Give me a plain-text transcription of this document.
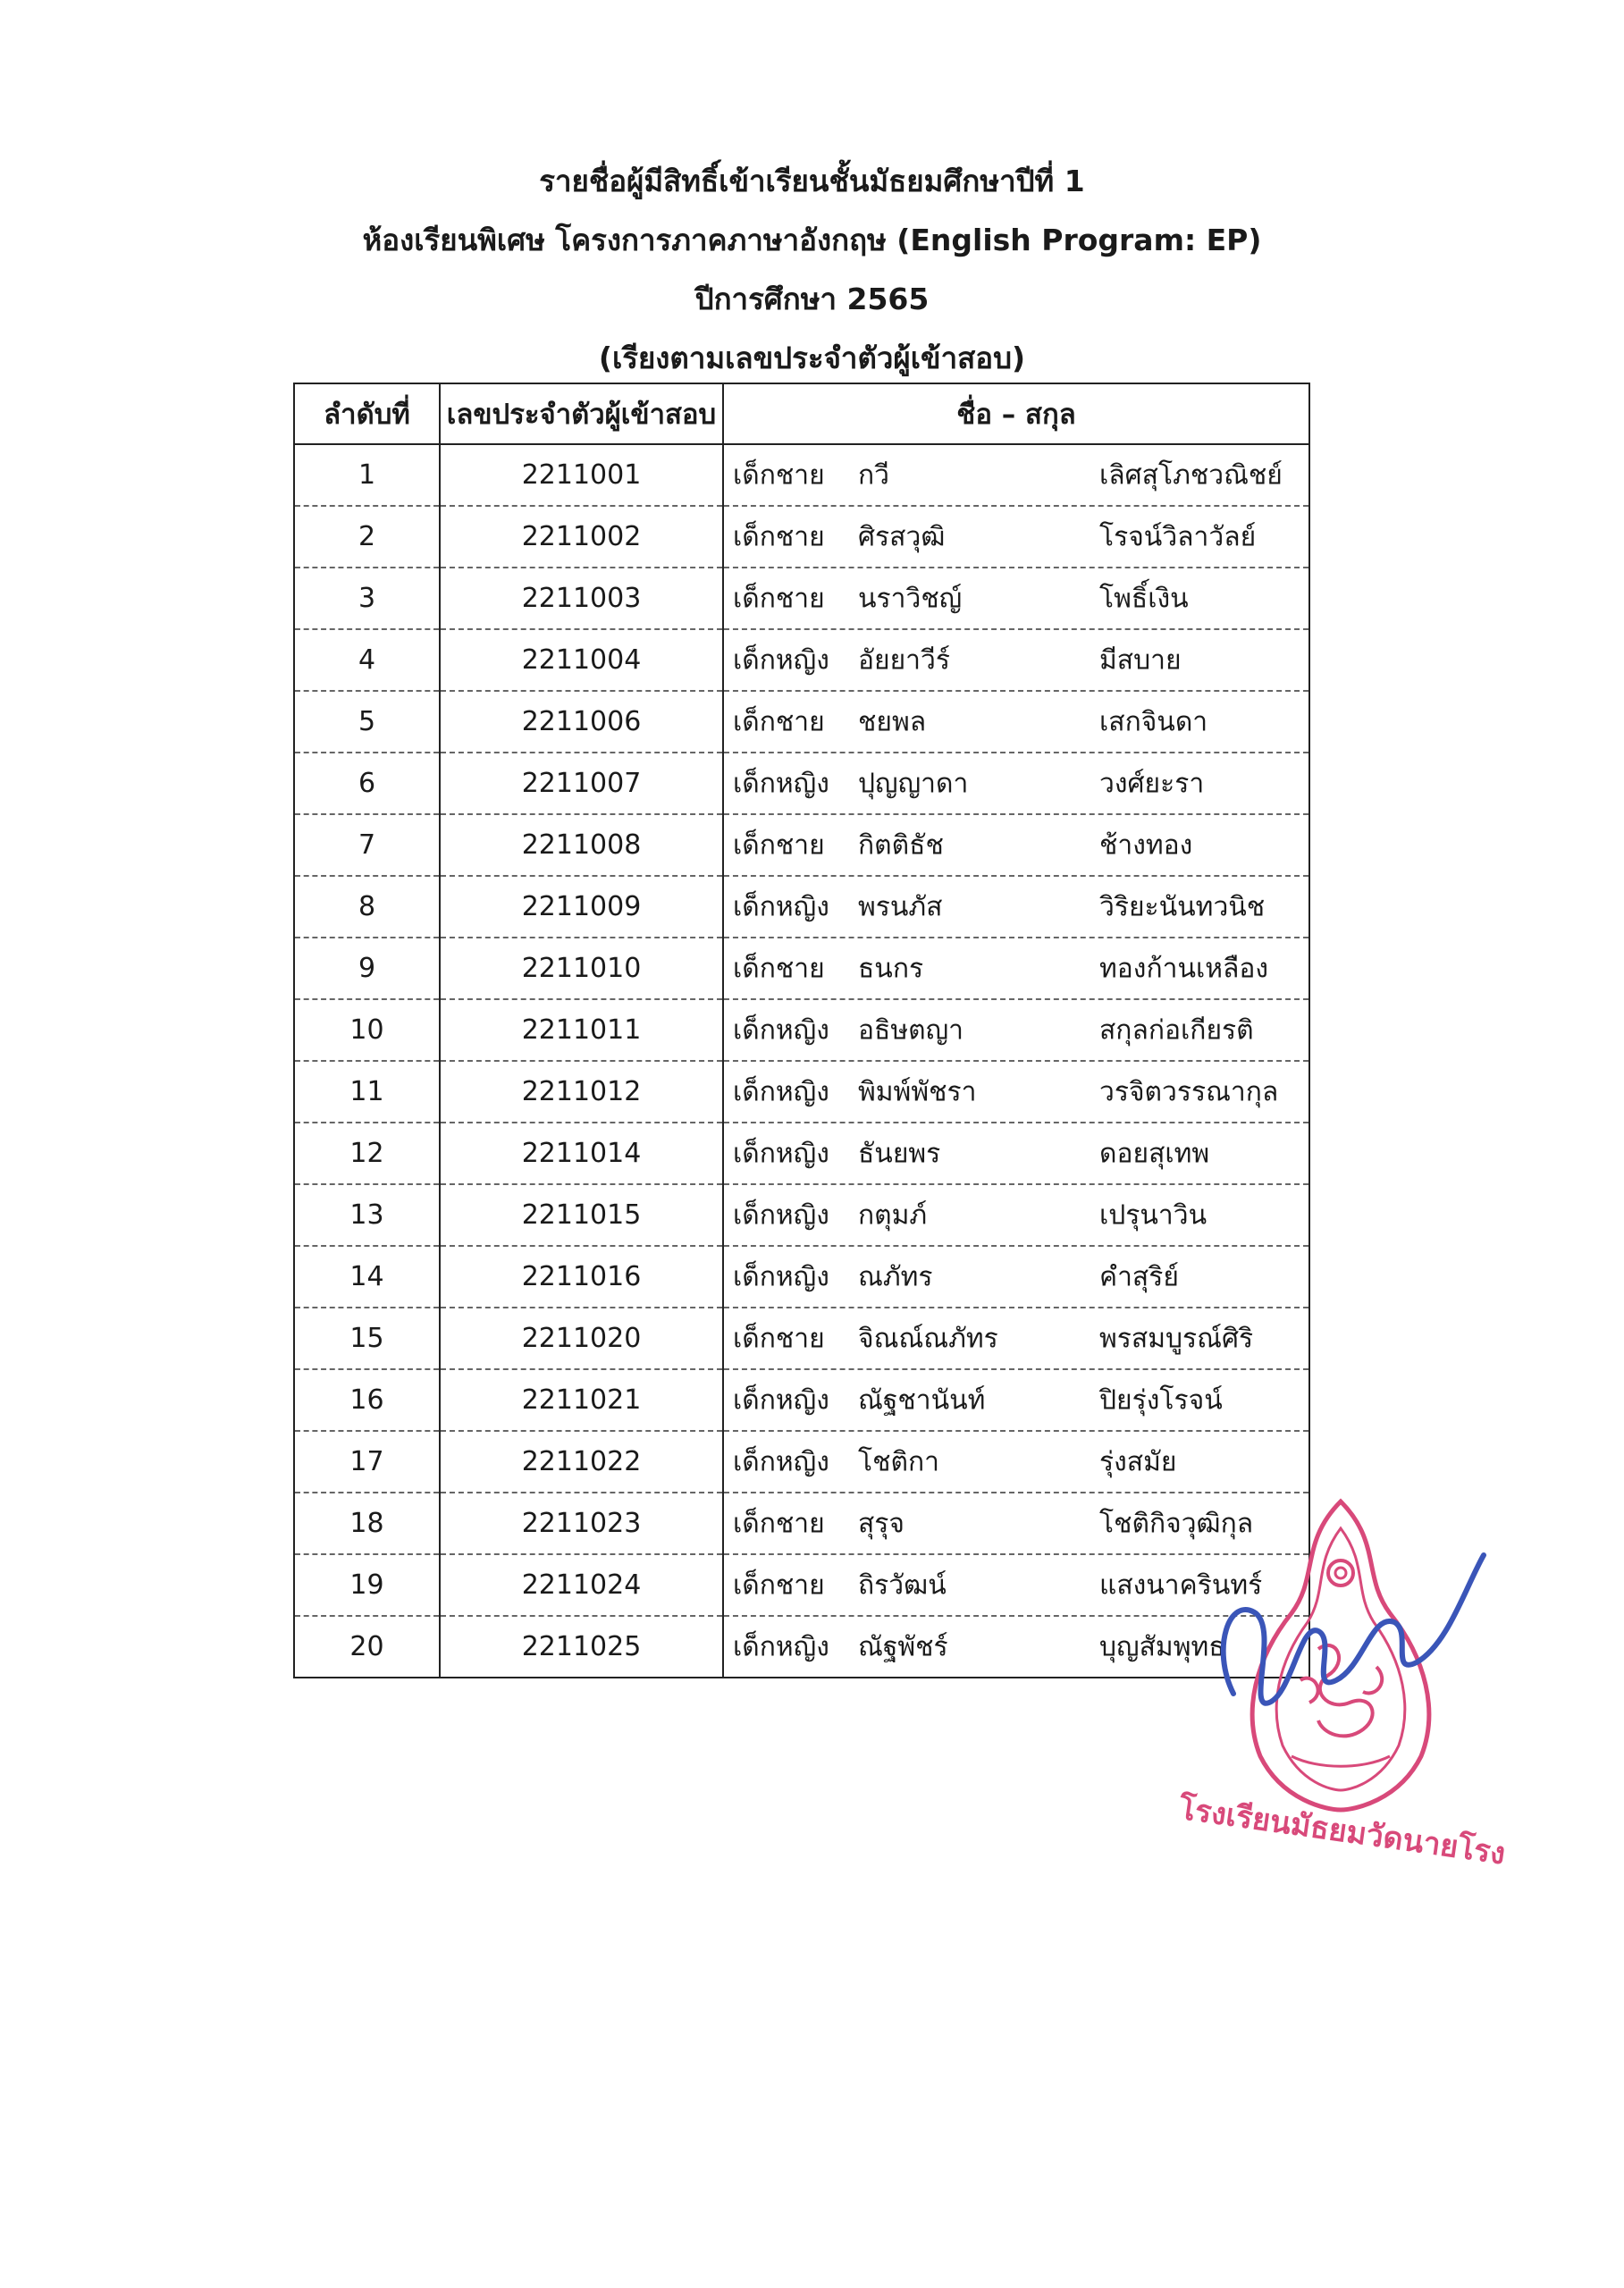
รายชื่อผู้มีสิทธิ์เข้าเรียนชั้นมัธยมศึกษาปีที่ 1
ห้องเรียนพิเศษ โครงการภาคภาษาอังกฤษ (English Program: EP)
ปีการศึกษา 2565
(เรียงตามเลขประจำตัวผู้เข้าสอบ)
ลำดับที่	เลขประจำตัวผู้เข้าสอบ	ชื่อ – สกุล
1	2211001	เด็กชาย กวี เลิศสุโภชวณิชย์

2	2211002	เด็กชาย ศิรสวุฒิ โรจน์วิลาวัลย์

3	2211003	เด็กชาย นราวิชญ์ โพธิ์เงิน

4	2211004	เด็กหญิง อัยยาวีร์ มีสบาย

5	2211006	เด็กชาย ชยพล เสกจินดา

6	2211007	เด็กหญิง ปุญญาดา วงศ์ยะรา

7	2211008	เด็กชาย กิตติธัช ช้างทอง

8	2211009	เด็กหญิง พรนภัส วิริยะนันทวนิช

9	2211010	เด็กชาย ธนกร ทองก้านเหลือง

10	2211011	เด็กหญิง อธิษตญา สกุลก่อเกียรติ

11	2211012	เด็กหญิง พิมพ์พัชรา วรจิตวรรณากุล

12	2211014	เด็กหญิง ธันยพร ดอยสุเทพ

13	2211015	เด็กหญิง กตุมภ์ เปรุนาวิน

14	2211016	เด็กหญิง ณภัทร คำสุริย์

15	2211020	เด็กชาย จิณณ์ณภัทร พรสมบูรณ์ศิริ

16	2211021	เด็กหญิง ณัฐชานันท์ ปิยรุ่งโรจน์

17	2211022	เด็กหญิง โชติกา รุ่งสมัย

18	2211023	เด็กชาย สุรุจ โชติกิจวุฒิกุล

19	2211024	เด็กชาย ถิรวัฒน์ แสงนาครินทร์

20	2211025	เด็กหญิง ณัฐพัชร์ บุญสัมพุทธ
โรงเรียนมัธยมวัดนายโรง
